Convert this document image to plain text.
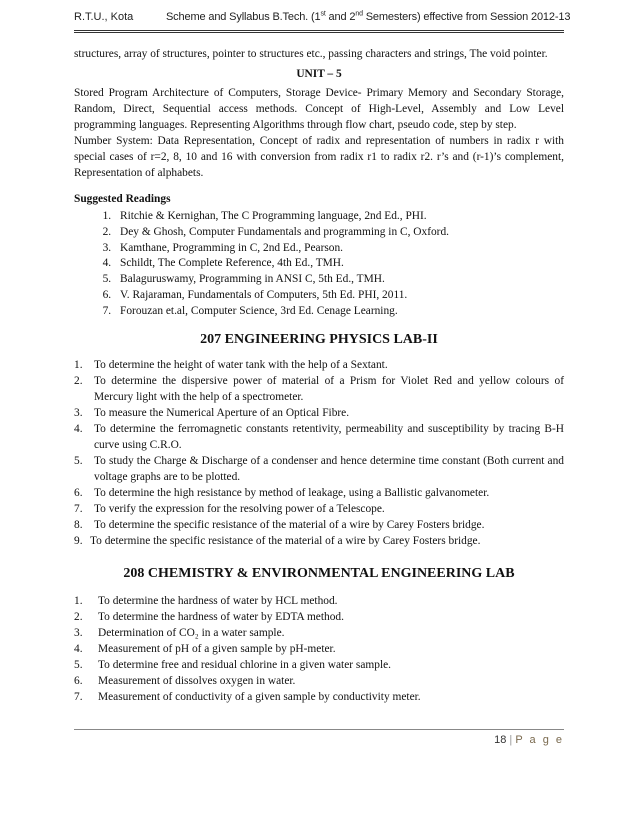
R.T.U., Kota	Scheme and Syllabus B.Tech. (1st and 2nd Semesters) effective from Session 2012-13

structures, array of structures, pointer to structures etc., passing characters and strings, The void pointer.

UNIT – 5

Stored Program Architecture of Computers, Storage Device- Primary Memory and Secondary Storage, Random, Direct, Sequential access methods. Concept of High-Level, Assembly and Low Level programming languages. Representing Algorithms through flow chart, pseudo code, step by step.

Number System: Data Representation, Concept of radix and representation of numbers in radix r with special cases of r=2, 8, 10 and 16 with conversion from radix r1 to radix r2. r’s and (r-1)’s complement, Representation of alphabets.

Suggested Readings
1. Ritchie & Kernighan, The C Programming language, 2nd Ed., PHI.
2. Dey & Ghosh, Computer Fundamentals and programming in C, Oxford.
3. Kamthane, Programming in C, 2nd Ed., Pearson.
4. Schildt, The Complete Reference, 4th Ed., TMH.
5. Balaguruswamy, Programming in ANSI C, 5th Ed., TMH.
6. V. Rajaraman, Fundamentals of Computers, 5th Ed. PHI, 2011.
7. Forouzan et.al, Computer Science, 3rd Ed. Cenage Learning.
207 ENGINEERING PHYSICS LAB-II
1.	To determine the height of water tank with the help of a Sextant.
2.	To determine the dispersive power of material of a Prism for Violet Red and yellow colours of Mercury light with the help of a spectrometer.
3.	To measure the Numerical Aperture of an Optical Fibre.
4.	To determine the ferromagnetic constants retentivity, permeability and susceptibility by tracing B-H curve using C.R.O.
5.	To study the Charge & Discharge of a condenser and hence determine time constant (Both current and voltage graphs are to be plotted.
6.	To determine the high resistance by method of leakage, using a Ballistic galvanometer.
7.	To verify the expression for the resolving power of a Telescope.
8.	To determine the specific resistance of the material of a wire by Carey Fosters bridge.
9. To determine the specific resistance of the material of a wire by Carey Fosters bridge.
208 CHEMISTRY & ENVIRONMENTAL ENGINEERING LAB
1.	To determine the hardness of water by HCL method.
2.	To determine the hardness of water by EDTA method.
3.	Determination of CO₂ in a water sample.
4.	Measurement of pH of a given sample by pH-meter.
5.	To determine free and residual chlorine in a given water sample.
6.	Measurement of dissolves oxygen in water.
7.	Measurement of conductivity of a given sample by conductivity meter.
18 | P a g e
